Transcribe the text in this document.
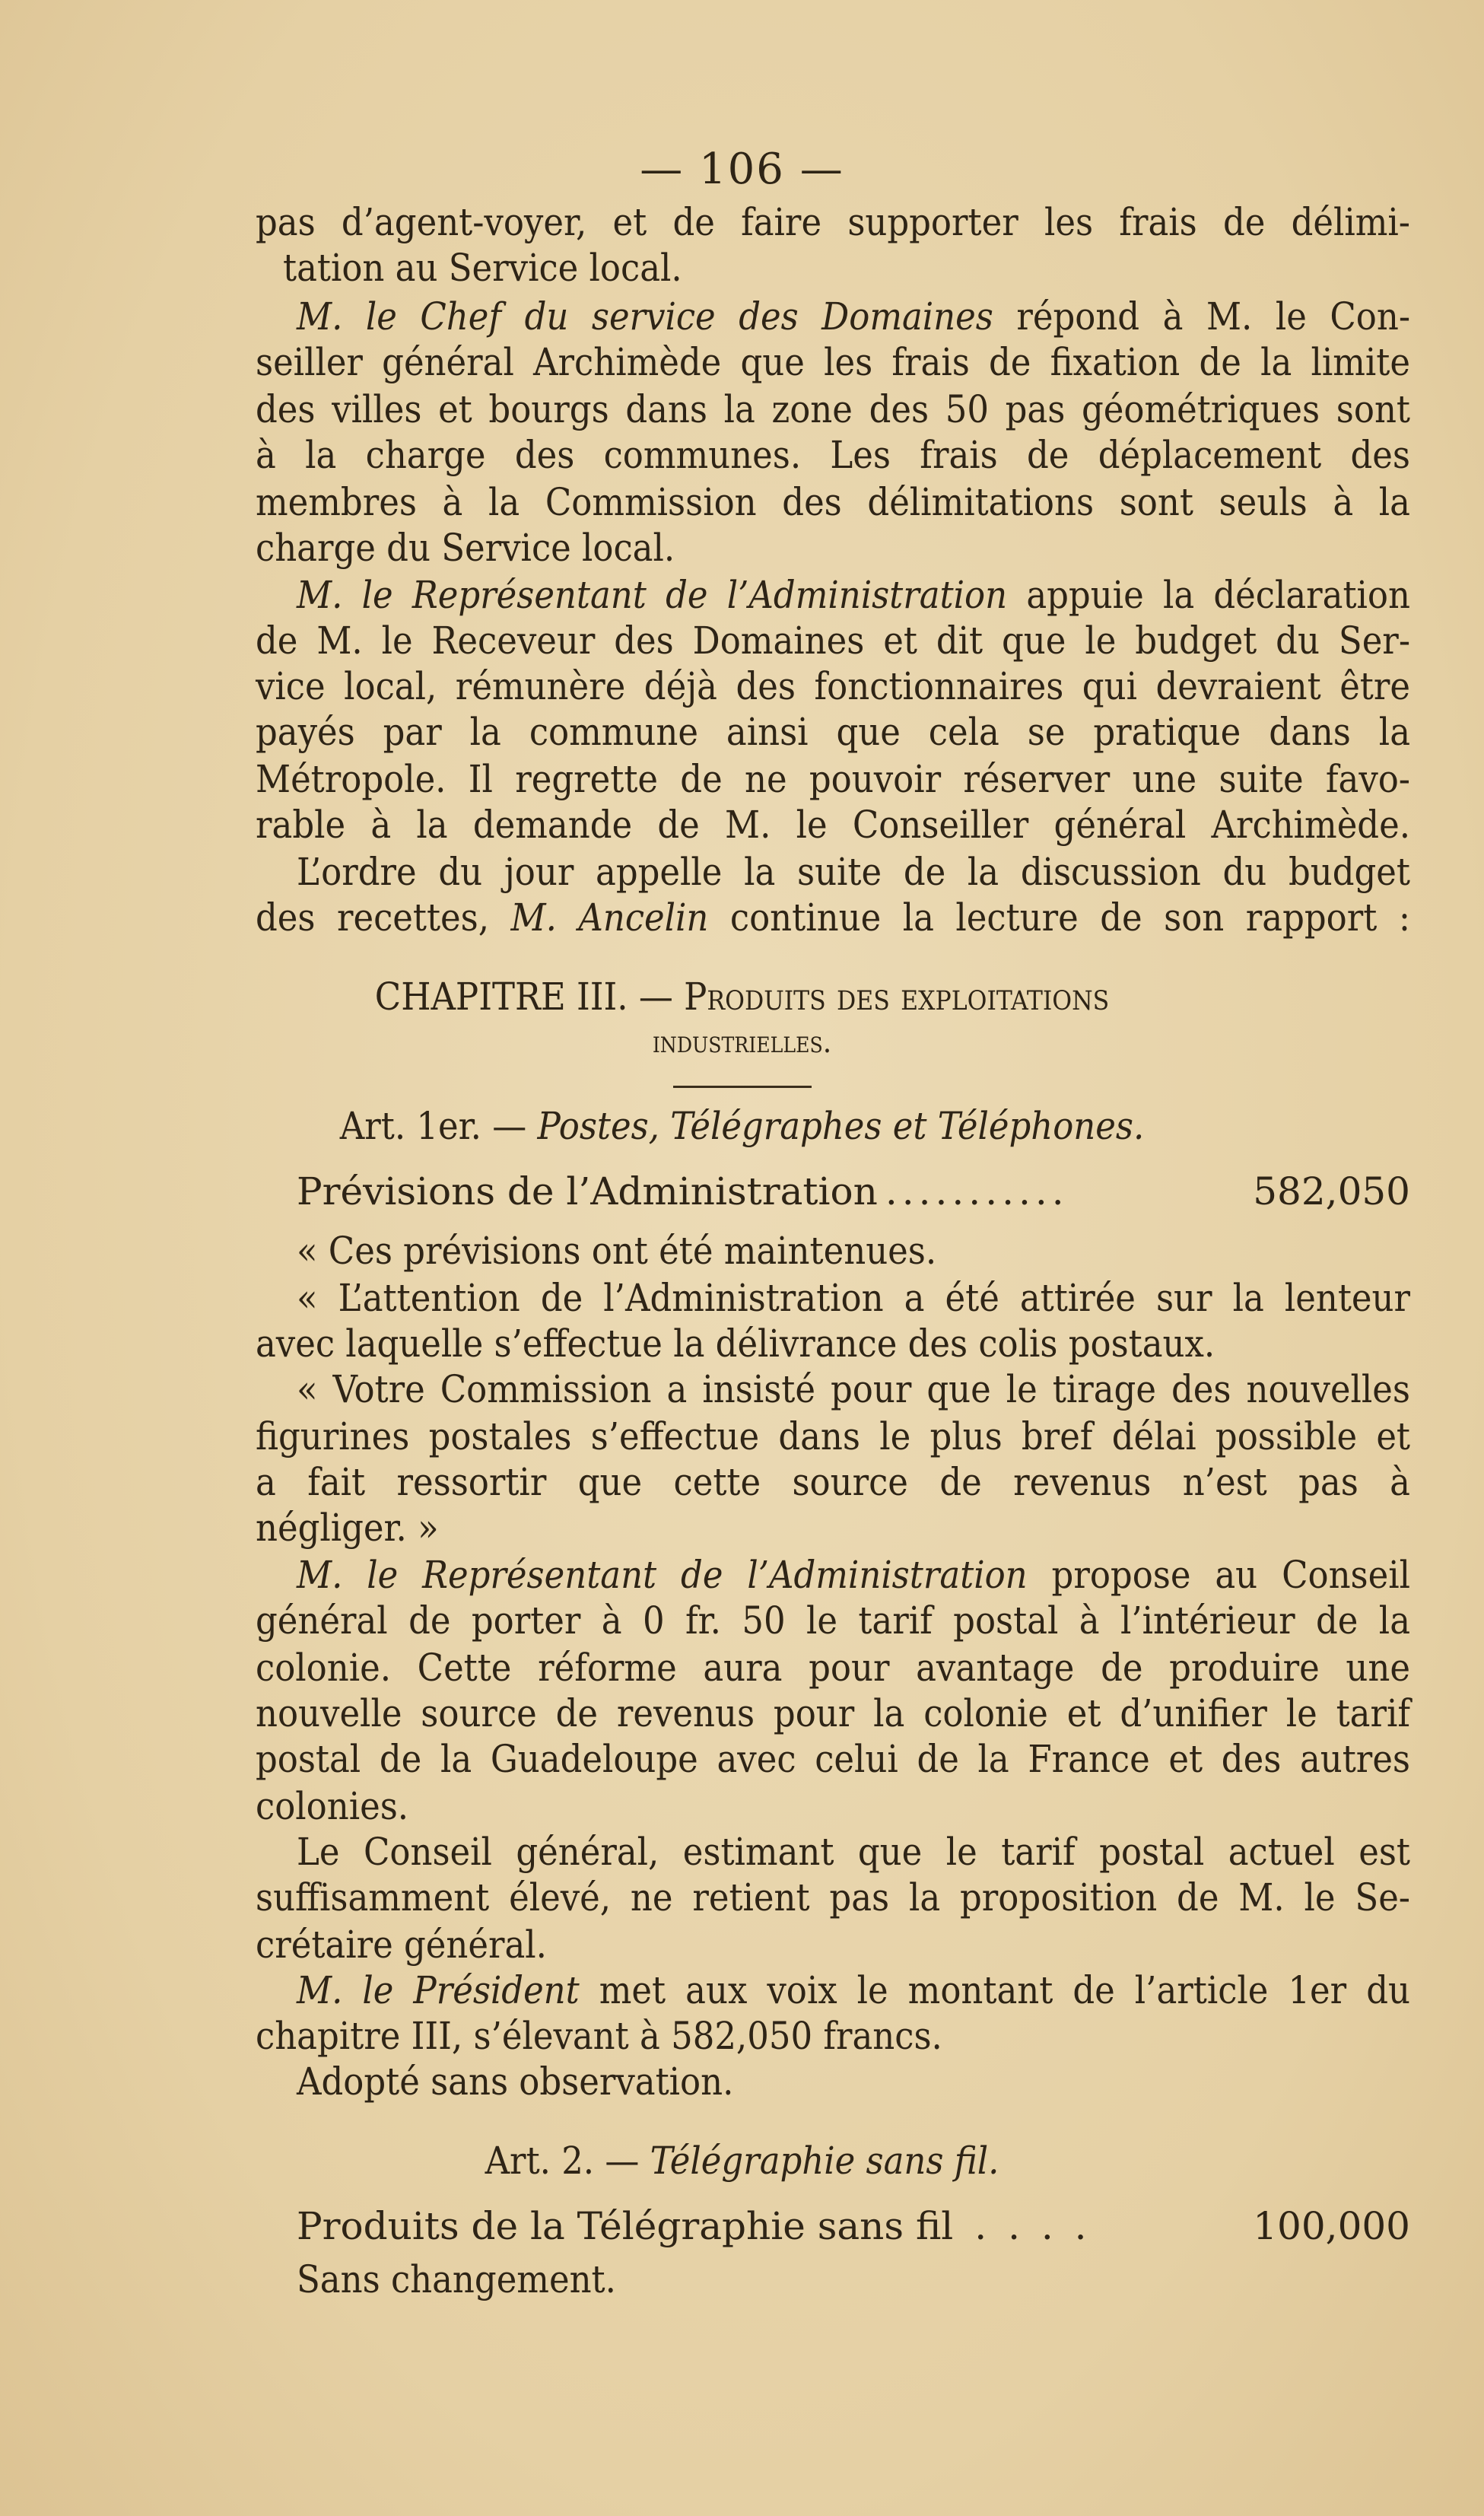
— 106 —
pas d’agent-voyer, et de faire supporter les frais de délimi-
tation au Service local.
M. le Chef du service des Domaines répond à M. le Con-
seiller général Archimède que les frais de fixation de la limite
des villes et bourgs dans la zone des 50 pas géométriques sont
à la charge des communes. Les frais de déplacement des
membres à la Commission des délimitations sont seuls à la
charge du Service local.
M. le Représentant de l’Administration appuie la déclaration
de M. le Receveur des Domaines et dit que le budget du Ser-
vice local, rémunère déjà des fonctionnaires qui devraient être
payés par la commune ainsi que cela se pratique dans la
Métropole. Il regrette de ne pouvoir réserver une suite favo-
rable à la demande de M. le Conseiller général Archimède.
L’ordre du jour appelle la suite de la discussion du budget
des recettes, M. Ancelin continue la lecture de son rapport :
CHAPITRE III. — Produits des exploitations
industrielles.
Art. 1er. — Postes, Télégraphes et Téléphones.
Prévisions de l’Administration ...........	582,050
« Ces prévisions ont été maintenues.
« L’attention de l’Administration a été attirée sur la lenteur
avec laquelle s’effectue la délivrance des colis postaux.
« Votre Commission a insisté pour que le tirage des nouvelles
figurines postales s’effectue dans le plus bref délai possible et
a fait ressortir que cette source de revenus n’est pas à
négliger. »
M. le Représentant de l’Administration propose au Conseil
général de porter à 0 fr. 50 le tarif postal à l’intérieur de la
colonie. Cette réforme aura pour avantage de produire une
nouvelle source de revenus pour la colonie et d’unifier le tarif
postal de la Guadeloupe avec celui de la France et des autres
colonies.
Le Conseil général, estimant que le tarif postal actuel est
suffisamment élevé, ne retient pas la proposition de M. le Se-
crétaire général.
M. le Président met aux voix le montant de l’article 1er du
chapitre III, s’élevant à 582,050 francs.
Adopté sans observation.
Art. 2. — Télégraphie sans fil.
Produits de la Télégraphie sans fil . . . .	100,000
Sans changement.
